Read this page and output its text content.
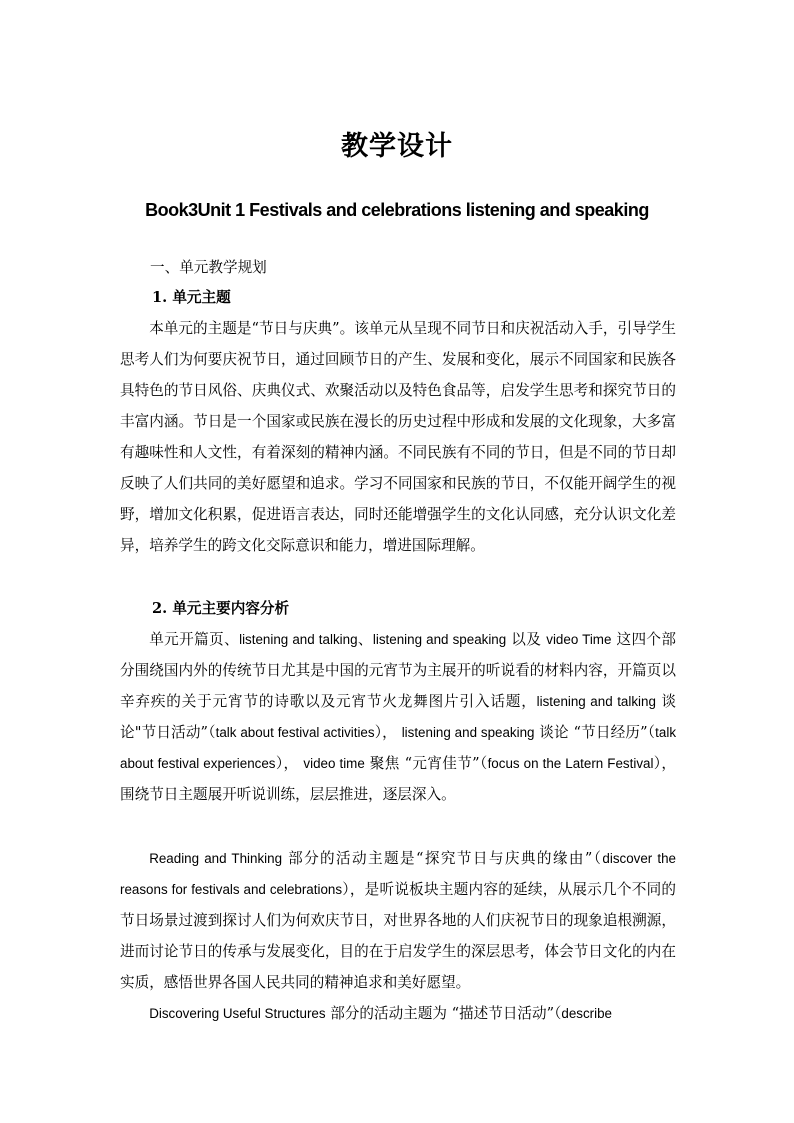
教学设计
Book3Unit 1 Festivals and celebrations listening and speaking
一、单元教学规划
1. 单元主题

本单元的主题是“节日与庆典”。该单元从呈现不同节日和庆祝活动入手，引导学生思考人们为何要庆祝节日，通过回顾节日的产生、发展和变化，展示不同国家和民族各具特色的节日风俗、庆典仪式、欢聚活动以及特色食品等，启发学生思考和探究节日的丰富内涵。节日是一个国家或民族在漫长的历史过程中形成和发展的文化现象，大多富有趣味性和人文性，有着深刻的精神内涵。不同民族有不同的节日，但是不同的节日却反映了人们共同的美好愿望和追求。学习不同国家和民族的节日，不仅能开阔学生的视野，增加文化积累，促进语言表达，同时还能增强学生的文化认同感，充分认识文化差异，培养学生的跨文化交际意识和能力，增进国际理解。

2. 单元主要内容分析

单元开篇页、listening and talking、listening and speaking 以及 video Time 这四个部分围绕国内外的传统节日尤其是中国的元宵节为主展开的听说看的材料内容，开篇页以辛弃疾的关于元宵节的诗歌以及元宵节火龙舞图片引入话题，listening and talking 谈论"节日活动”（talk about festival activities）， listening and speaking 谈论 “节日经历”（talk about festival experiences）， video time 聚焦 “元宵佳节”（focus on the Latern Festival），围绕节日主题展开听说训练，层层推进，逐层深入。

Reading and Thinking 部分的活动主题是“探究节日与庆典的缘由”（discover the reasons for festivals and celebrations），是听说板块主题内容的延续，从展示几个不同的节日场景过渡到探讨人们为何欢庆节日，对世界各地的人们庆祝节日的现象追根溯源，进而讨论节日的传承与发展变化，目的在于启发学生的深层思考，体会节日文化的内在实质，感悟世界各国人民共同的精神追求和美好愿望。

Discovering Useful Structures 部分的活动主题为 “描述节日活动”（describe
